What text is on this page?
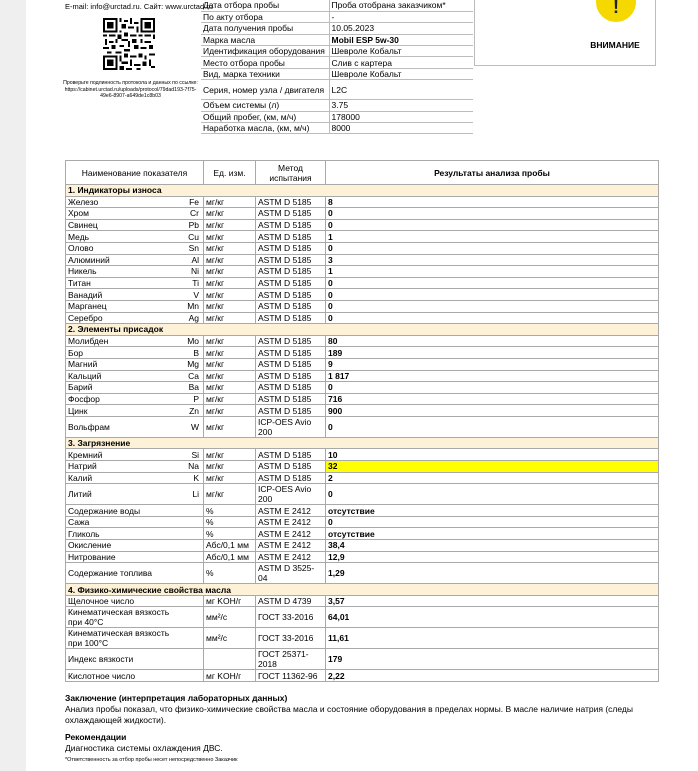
E-mail: info@urctad.ru. Сайт: www.urctad.ru
Проверьте подлинность протокола и данных по ссылке:
https://cabinet.urctad.ru/uploads/protocol/79dad193-7f75-49e6-8907-a649de1c8b03
Дата отбора пробы	Проба отобрана заказчиком*
По акту отбора	-
Дата получения пробы	10.05.2023
Марка масла	Mobil ESP 5w-30
Идентификация оборудования	Шевроле Кобальт
Место отбора пробы	Слив с картера
Вид, марка техники	Шевроле Кобальт
Серия, номер узла / двигателя	L2C
Объем системы (л)	3.75
Общий пробег, (км, м/ч)	178000
Наработка масла, (км, м/ч)	8000
!
ВНИМАНИЕ
Наименование показателя		Ед. изм.	Метод испытания	Результаты анализа пробы
1. Индикаторы износа				
Железо	Fe	мг/кг	ASTM D 5185	8
Хром	Cr	мг/кг	ASTM D 5185	0
Свинец	Pb	мг/кг	ASTM D 5185	0
Медь	Cu	мг/кг	ASTM D 5185	1
Олово	Sn	мг/кг	ASTM D 5185	0
Алюминий	Al	мг/кг	ASTM D 5185	3
Никель	Ni	мг/кг	ASTM D 5185	1
Титан	Ti	мг/кг	ASTM D 5185	0
Ванадий	V	мг/кг	ASTM D 5185	0
Марганец	Mn	мг/кг	ASTM D 5185	0
Серебро	Ag	мг/кг	ASTM D 5185	0
2. Элементы присадок				
Молибден	Mo	мг/кг	ASTM D 5185	80
Бор	B	мг/кг	ASTM D 5185	189
Магний	Mg	мг/кг	ASTM D 5185	9
Кальций	Ca	мг/кг	ASTM D 5185	1 817
Барий	Ba	мг/кг	ASTM D 5185	0
Фосфор	P	мг/кг	ASTM D 5185	716
Цинк	Zn	мг/кг	ASTM D 5185	900
Вольфрам	W	мг/кг	ICP-OES Avio 200	0
3. Загрязнение				
Кремний	Si	мг/кг	ASTM D 5185	10
Натрий	Na	мг/кг	ASTM D 5185	32
Калий	K	мг/кг	ASTM D 5185	2
Литий	Li	мг/кг	ICP-OES Avio 200	0
Содержание воды		%	ASTM E 2412	отсутствие
Сажа		%	ASTM E 2412	0
Гликоль		%	ASTM E 2412	отсутствие
Окисление		Абс/0,1 мм	ASTM E 2412	38,4
Нитрование		Абс/0,1 мм	ASTM E 2412	12,9
Содержание топлива		%	ASTM D 3525-04	1,29
4. Физико-химические свойства масла				
Щелочное число		мг KOH/г	ASTM D 4739	3,57
Кинематическая вязкость при 40°С		мм²/с	ГОСТ 33-2016	64,01
Кинематическая вязкость при 100°С		мм²/с	ГОСТ 33-2016	11,61
Индекс вязкости			ГОСТ 25371-2018	179
Кислотное число		мг KOH/г	ГОСТ 11362-96	2,22
Заключение (интерпретация лабораторных данных)
Анализ пробы показал, что физико-химические свойства масла и состояние оборудования в пределах нормы. В масле наличие натрия (следы охлаждающей жидкости).
Рекомендации
Диагностика системы охлаждения ДВС.
*Ответственность за отбор пробы несет непосредственно Заказчик
